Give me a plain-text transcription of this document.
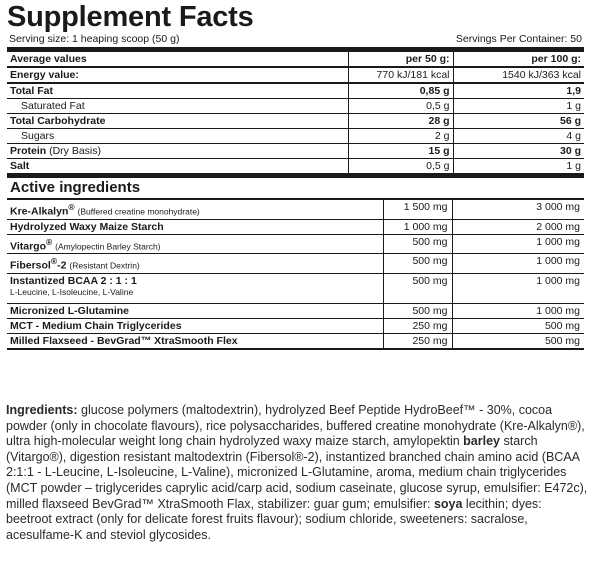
Supplement Facts
Serving size: 1 heaping scoop (50 g)	Servings Per Container: 50
Average values	per 50 g:	per 100 g:
Energy value:	770 kJ/181 kcal	1540 kJ/363 kcal
Total Fat	0,85 g	1,9
Saturated Fat	0,5 g	1 g
Total Carbohydrate	28 g	56 g
Sugars	2 g	4 g
Protein (Dry Basis)	15 g	30 g
Salt	0,5 g	1 g
Active ingredients
Kre-Alkalyn® (Buffered creatine monohydrate)	1 500 mg	3 000 mg
Hydrolyzed Waxy Maize Starch	1 000 mg	2 000 mg
Vitargo® (Amylopectin Barley Starch)	500 mg	1 000 mg
Fibersol®-2 (Resistant Dextrin)	500 mg	1 000 mg
Instantized BCAA 2 : 1 : 1
L-Leucine, L-Isoleucine, L-Valine	500 mg	1 000 mg
Micronized L-Glutamine	500 mg	1 000 mg
MCT - Medium Chain Triglycerides	250 mg	500 mg
Milled Flaxseed - BevGrad™ XtraSmooth Flex	250 mg	500 mg
Ingredients: glucose polymers (maltodextrin), hydrolyzed Beef Peptide HydroBeef™ - 30%, cocoa powder (only in chocolate flavours), rice polysaccharides, buffered creatine monohydrate (Kre-Alkalyn®), ultra high-molecular weight long chain hydrolyzed waxy maize starch, amylopektin barley starch (Vitargo®), digestion resistant maltodextrin (Fibersol®-2), instantized branched chain amino acid (BCAA 2:1:1 - L-Leucine, L-Isoleucine, L-Valine), micronized L-Glutamine, aroma, medium chain triglycerides (MCT powder – triglycerides caprylic acid/carp acid, sodium caseinate, glucose syrup, emulsifier: E472c), milled flaxseed BevGrad™ XtraSmooth Flax, stabilizer: guar gum; emulsifier: soya lecithin; dyes: beetroot extract (only for delicate forest fruits flavour); sodium chloride, sweeteners: sacralose, acesulfame-K and steviol glycosides.
